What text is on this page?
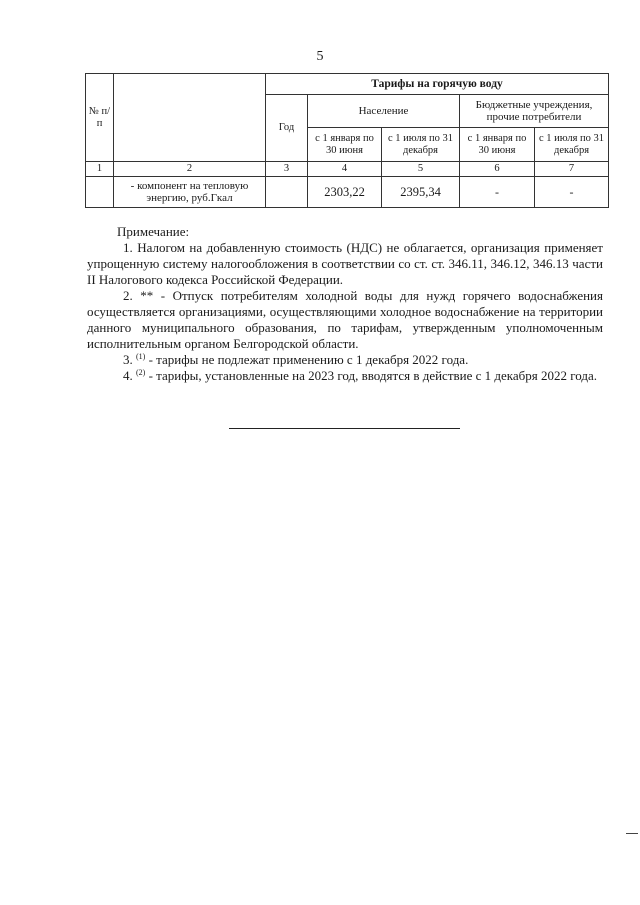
5
№ п/п		Тарифы на горячую воду				
		Год	Население		Бюджетные учреждения, прочие потребители	
			с 1 января по 30 июня	с 1 июля по 31 декабря	с 1 января по 30 июня	с 1 июля по 31 декабря
1	2	3	4	5	6	7
	- компонент на тепловую энергию, руб.Гкал		2303,22	2395,34	-	-

Примечание:

1. Налогом на добавленную стоимость (НДС) не облагается, организация применяет упрощенную систему налогообложения в соответствии со ст. ст. 346.11, 346.12, 346.13 части II Налогового кодекса Российской Федерации.

2. ** - Отпуск потребителям холодной воды для нужд горячего водоснабжения осуществляется организациями, осуществляющими холодное водоснабжение на территории данного муниципального образования, по тарифам, утвержденным уполномоченным исполнительным органом Белгородской области.

3. $^{(1)}$ - тарифы не подлежат применению с 1 декабря 2022 года.

4. $^{(2)}$ - тарифы, установленные на 2023 год, вводятся в действие с 1 декабря 2022 года.
